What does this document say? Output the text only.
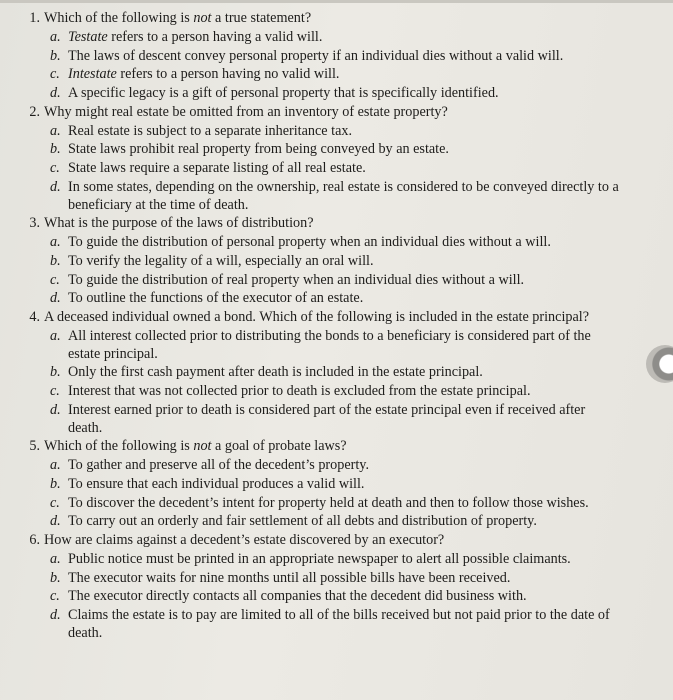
1. Which of the following is not a true statement?
a. Testate refers to a person having a valid will.
b. The laws of descent convey personal property if an individual dies without a valid will.
c. Intestate refers to a person having no valid will.
d. A specific legacy is a gift of personal property that is specifically identified.
2. Why might real estate be omitted from an inventory of estate property?
a. Real estate is subject to a separate inheritance tax.
b. State laws prohibit real property from being conveyed by an estate.
c. State laws require a separate listing of all real estate.
d. In some states, depending on the ownership, real estate is considered to be conveyed directly to a beneficiary at the time of death.
3. What is the purpose of the laws of distribution?
a. To guide the distribution of personal property when an individual dies without a will.
b. To verify the legality of a will, especially an oral will.
c. To guide the distribution of real property when an individual dies without a will.
d. To outline the functions of the executor of an estate.
4. A deceased individual owned a bond. Which of the following is included in the estate principal?
a. All interest collected prior to distributing the bonds to a beneficiary is considered part of the estate principal.
b. Only the first cash payment after death is included in the estate principal.
c. Interest that was not collected prior to death is excluded from the estate principal.
d. Interest earned prior to death is considered part of the estate principal even if received after death.
5. Which of the following is not a goal of probate laws?
a. To gather and preserve all of the decedent’s property.
b. To ensure that each individual produces a valid will.
c. To discover the decedent’s intent for property held at death and then to follow those wishes.
d. To carry out an orderly and fair settlement of all debts and distribution of property.
6. How are claims against a decedent’s estate discovered by an executor?
a. Public notice must be printed in an appropriate newspaper to alert all possible claimants.
b. The executor waits for nine months until all possible bills have been received.
c. The executor directly contacts all companies that the decedent did business with.
d. Claims the estate is to pay are limited to all of the bills received but not paid prior to the date of death.
